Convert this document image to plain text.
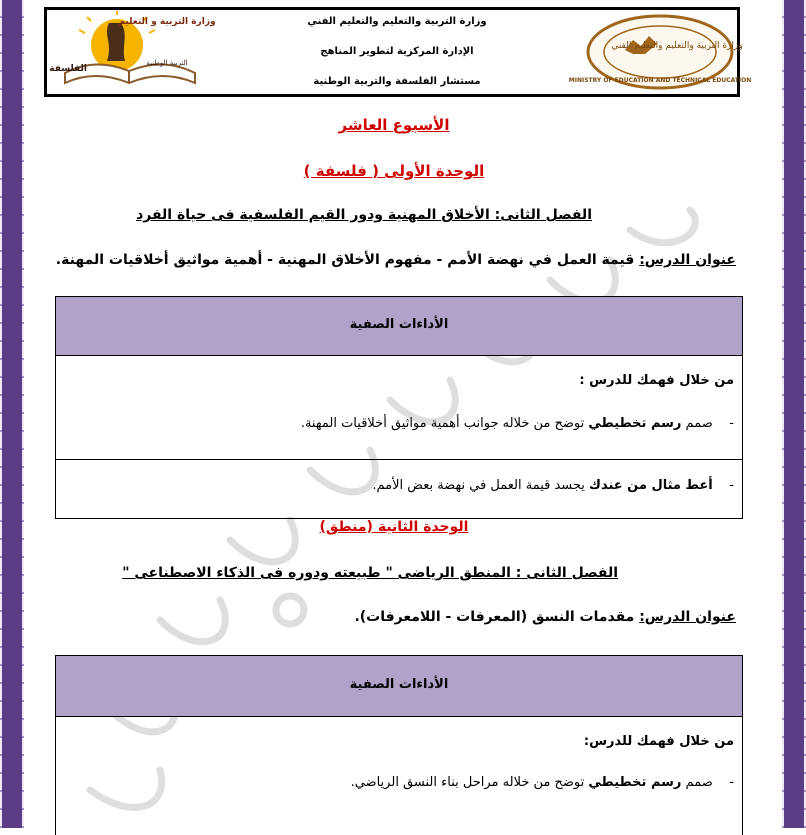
الفلسفة
التربية الوطنية
وزارة التربية و التعليم	وزارة التربية والتعليم والتعليم الفني
الإدارة المركزية لتطوير المناهج
مستشار الفلسفة والتربية الوطنية
وزارة التربية والتعليم والتعليم الفني
MINISTRY OF EDUCATION AND TECHNICAL EDUCATION
الأسبوع العاشر
الوحدة الأولى ( فلسفة )
الفصل الثانى: الأخلاق المهنية ودور القيم الفلسفية فى حياة الفرد
عنوان الدرس: قيمة العمل في نهضة الأمم - مفهوم الأخلاق المهنية - أهمية مواثيق أخلاقيات المهنة.
الأداءات الصفية
من خلال فهمك للدرس :
-    صمم رسم تخطيطي توضح من خلاله جوانب أهمية مواثيق أخلاقيات المهنة.
-    أعط مثال من عندك يجسد قيمة العمل في نهضة بعض الأمم.
الوحدة الثانية (منطق)
الفصل الثانى : المنطق الرياضى " طبيعته ودوره فى الذكاء الاصطناعى "
عنوان الدرس: مقدمات النسق (المعرفات - اللامعرفات).
الأداءات الصفية
من خلال فهمك للدرس:
-    صمم رسم تخطيطي توضح من خلاله مراحل بناء النسق الرياضي.
